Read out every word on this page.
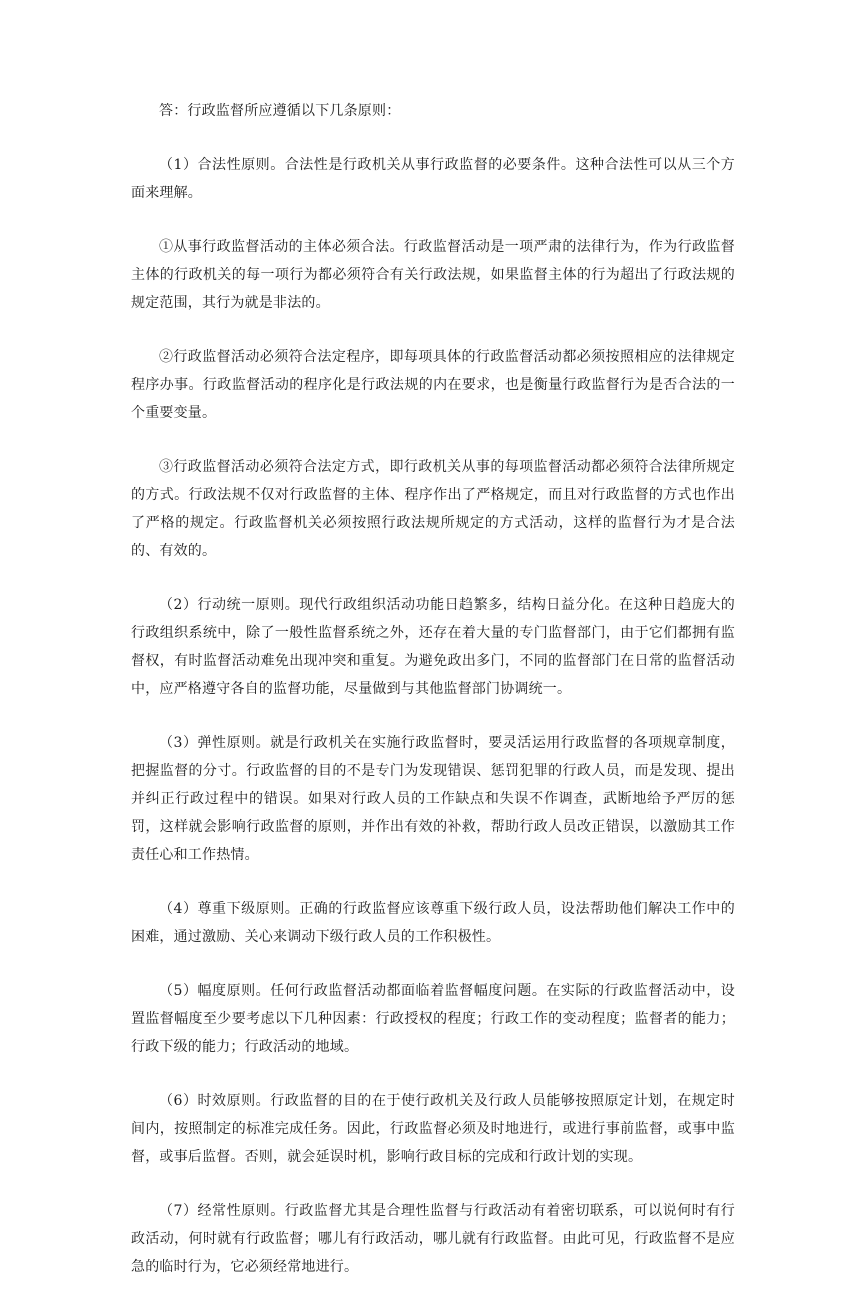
答：行政监督所应遵循以下几条原则：

（1）合法性原则。合法性是行政机关从事行政监督的必要条件。这种合法性可以从三个方面来理解。

①从事行政监督活动的主体必须合法。行政监督活动是一项严肃的法律行为，作为行政监督主体的行政机关的每一项行为都必须符合有关行政法规，如果监督主体的行为超出了行政法规的规定范围，其行为就是非法的。

②行政监督活动必须符合法定程序，即每项具体的行政监督活动都必须按照相应的法律规定程序办事。行政监督活动的程序化是行政法规的内在要求，也是衡量行政监督行为是否合法的一个重要变量。

③行政监督活动必须符合法定方式，即行政机关从事的每项监督活动都必须符合法律所规定的方式。行政法规不仅对行政监督的主体、程序作出了严格规定，而且对行政监督的方式也作出了严格的规定。行政监督机关必须按照行政法规所规定的方式活动，这样的监督行为才是合法的、有效的。

（2）行动统一原则。现代行政组织活动功能日趋繁多，结构日益分化。在这种日趋庞大的行政组织系统中，除了一般性监督系统之外，还存在着大量的专门监督部门，由于它们都拥有监督权，有时监督活动难免出现冲突和重复。为避免政出多门，不同的监督部门在日常的监督活动中，应严格遵守各自的监督功能，尽量做到与其他监督部门协调统一。

（3）弹性原则。就是行政机关在实施行政监督时，要灵活运用行政监督的各项规章制度，把握监督的分寸。行政监督的目的不是专门为发现错误、惩罚犯罪的行政人员，而是发现、提出并纠正行政过程中的错误。如果对行政人员的工作缺点和失误不作调查，武断地给予严厉的惩罚，这样就会影响行政监督的原则，并作出有效的补救，帮助行政人员改正错误，以激励其工作责任心和工作热情。

（4）尊重下级原则。正确的行政监督应该尊重下级行政人员，设法帮助他们解决工作中的困难，通过激励、关心来调动下级行政人员的工作积极性。

（5）幅度原则。任何行政监督活动都面临着监督幅度问题。在实际的行政监督活动中，设置监督幅度至少要考虑以下几种因素：行政授权的程度；行政工作的变动程度；监督者的能力；行政下级的能力；行政活动的地域。

（6）时效原则。行政监督的目的在于使行政机关及行政人员能够按照原定计划，在规定时间内，按照制定的标准完成任务。因此，行政监督必须及时地进行，或进行事前监督，或事中监督，或事后监督。否则，就会延误时机，影响行政目标的完成和行政计划的实现。

（7）经常性原则。行政监督尤其是合理性监督与行政活动有着密切联系，可以说何时有行政活动，何时就有行政监督；哪儿有行政活动，哪儿就有行政监督。由此可见，行政监督不是应急的临时行为，它必须经常地进行。
